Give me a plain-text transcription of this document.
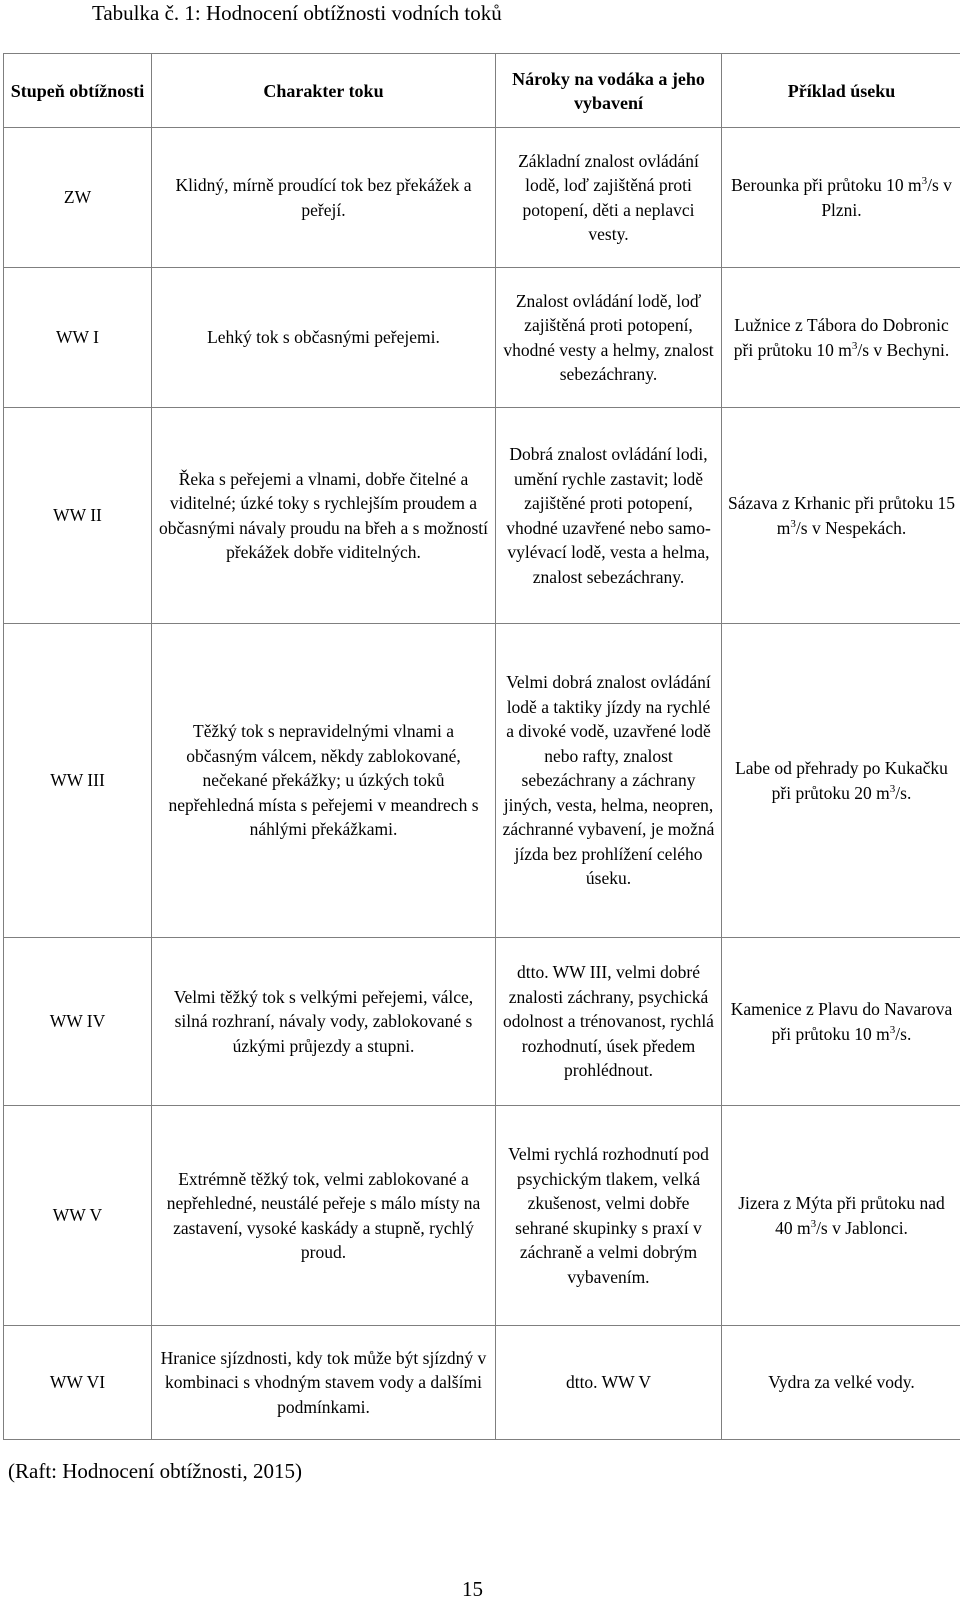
Tabulka č. 1: Hodnocení obtížnosti vodních toků
Stupeň obtížnosti	Charakter toku	Nároky na vodáka a jeho vybavení	Příklad úseku
ZW	Klidný, mírně proudící tok bez překážek a peřejí.	Základní znalost ovládání lodě, loď zajištěná proti potopení, děti a neplavci vesty.	Berounka při průtoku 10 $m^3/s$ v Plzni.
WW I	Lehký tok s občasnými peřejemi.	Znalost ovládání lodě, loď zajištěná proti potopení, vhodné vesty a helmy, znalost sebezáchrany.	Lužnice z Tábora do Dobronic při průtoku 10 $m^3/s$ v Bechyni.
WW II	Řeka s peřejemi a vlnami, dobře čitelné a viditelné; úzké toky s rychlejším proudem a občasnými návaly proudu na břeh a s možností překážek dobře viditelných.	Dobrá znalost ovládání lodi, umění rychle zastavit; lodě zajištěné proti potopení, vhodné uzavřené nebo samo-vylévací lodě, vesta a helma, znalost sebezáchrany.	Sázava z Krhanic při průtoku 15 $m^3/s$ v Nespekách.
WW III	Těžký tok s nepravidelnými vlnami a občasným válcem, někdy zablokované, nečekané překážky; u úzkých toků nepřehledná místa s peřejemi v meandrech s náhlými překážkami.	Velmi dobrá znalost ovládání lodě a taktiky jízdy na rychlé a divoké vodě, uzavřené lodě nebo rafty, znalost sebezáchrany a záchrany jiných, vesta, helma, neopren, záchranné vybavení, je možná jízda bez prohlížení celého úseku.	Labe od přehrady po Kukačku při průtoku 20 $m^3/s$.
WW IV	Velmi těžký tok s velkými peřejemi, válce, silná rozhraní, návaly vody, zablokované s úzkými průjezdy a stupni.	dtto. WW III, velmi dobré znalosti záchrany, psychická odolnost a trénovanost, rychlá rozhodnutí, úsek předem prohlédnout.	Kamenice z Plavu do Navarova při průtoku 10 $m^3/s$.
WW V	Extrémně těžký tok, velmi zablokované a nepřehledné, neustálé peřeje s málo místy na zastavení, vysoké kaskády a stupně, rychlý proud.	Velmi rychlá rozhodnutí pod psychickým tlakem, velká zkušenost, velmi dobře sehrané skupinky s praxí v záchraně a velmi dobrým vybavením.	Jizera z Mýta při průtoku nad 40 $m^3/s$ v Jablonci.
WW VI	Hranice sjízdnosti, kdy tok může být sjízdný v kombinaci s vhodným stavem vody a dalšími podmínkami.	dtto. WW V	Vydra za velké vody.
(Raft: Hodnocení obtížnosti, 2015)
15
